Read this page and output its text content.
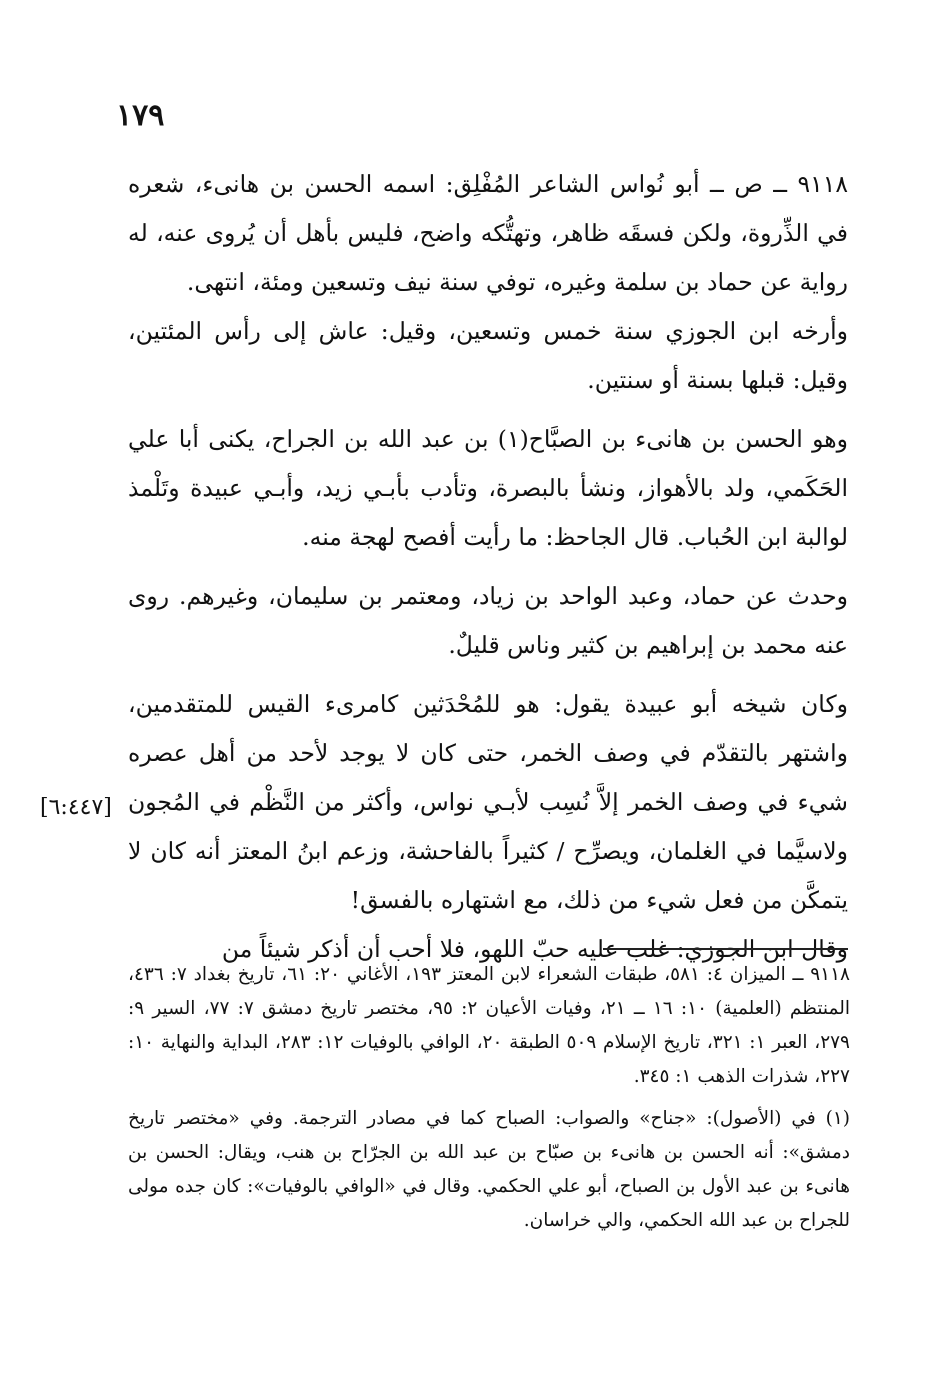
١٧٩

٩١١٨ ــ ص ــ أبو نُواس الشاعر المُفْلِق: اسمه الحسن بن هانىء، شعره في الذِّروة، ولكن فسقَه ظاهر، وتهتُّكه واضح، فليس بأهل أن يُروى عنه، له رواية عن حماد بن سلمة وغيره، توفي سنة نيف وتسعين ومئة، انتهى.

وأرخه ابن الجوزي سنة خمس وتسعين، وقيل: عاش إلى رأس المئتين، وقيل: قبلها بسنة أو سنتين.

وهو الحسن بن هانىء بن الصبَّاح(١) بن عبد الله بن الجراح، يكنى أبا علي الحَكَمي، ولد بالأهواز، ونشأ بالبصرة، وتأدب بأبـي زيد، وأبـي عبيدة وتَلْمذ لوالبة ابن الحُباب. قال الجاحظ: ما رأيت أفصح لهجة منه.

وحدث عن حماد، وعبد الواحد بن زياد، ومعتمر بن سليمان، وغيرهم. روى عنه محمد بن إبراهيم بن كثير وناس قليلٌ.

وكان شيخه أبو عبيدة يقول: هو للمُحْدَثين كامرىء القيس للمتقدمين، واشتهر بالتقدّم في وصف الخمر، حتى كان لا يوجد لأحد من أهل عصره شيء في وصف الخمر إلاَّ نُسِب لأبـي نواس، وأكثر من النَّظْم في المُجون ولاسيَّما في الغلمان، ويصرِّح / كثيراً بالفاحشة، وزعم ابنُ المعتز أنه كان لا يتمكَّن من فعل شيء من ذلك، مع اشتهاره بالفسق!

وقال ابن الجوزي: غلب عليه حبّ اللهو، فلا أحب أن أذكر شيئاً من

[٦:٤٤٧]

٩١١٨ ــ الميزان ٤: ٥٨١، طبقات الشعراء لابن المعتز ١٩٣، الأغاني ٢٠: ٦١، تاريخ بغداد ٧: ٤٣٦، المنتظم (العلمية) ١٠: ١٦ ــ ٢١، وفيات الأعيان ٢: ٩٥، مختصر تاريخ دمشق ٧: ٧٧، السير ٩: ٢٧٩، العبر ١: ٣٢١، تاريخ الإسلام ٥٠٩ الطبقة ٢٠، الوافي بالوفيات ١٢: ٢٨٣، البداية والنهاية ١٠: ٢٢٧، شذرات الذهب ١: ٣٤٥.

(١) في (الأصول): «جناح» والصواب: الصباح كما في مصادر الترجمة. وفي «مختصر تاريخ دمشق»: أنه الحسن بن هانىء بن صبّاح بن عبد الله بن الجرّاح بن هنب، ويقال: الحسن بن هانىء بن عبد الأول بن الصباح، أبو علي الحكمي. وقال في «الوافي بالوفيات»: كان جده مولى للجراح بن عبد الله الحكمي، والي خراسان.
